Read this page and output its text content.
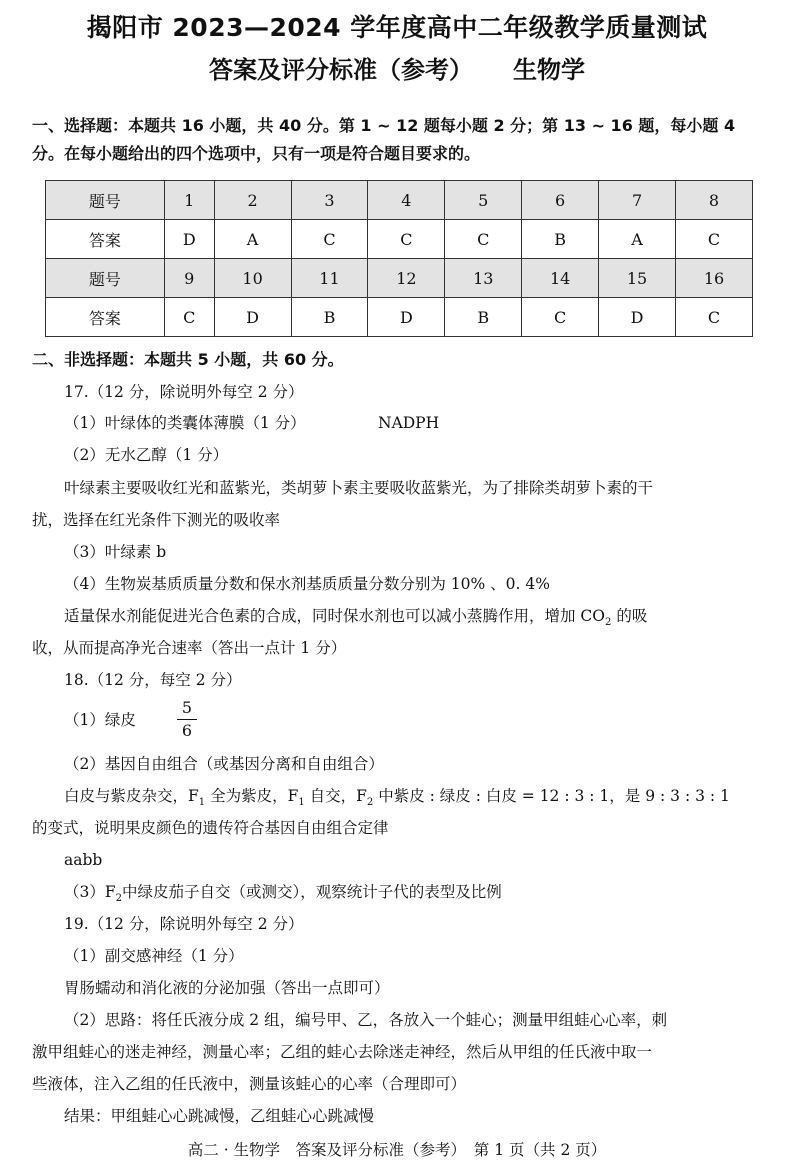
揭阳市 2023—2024 学年度高中二年级教学质量测试
答案及评分标准（参考） 生物学
一、选择题：本题共 16 小题，共 40 分。第 1 ~ 12 题每小题 2 分；第 13 ~ 16 题，每小题 4
分。在每小题给出的四个选项中，只有一项是符合题目要求的。
题号	1	2	3	4	5	6	7	8
答案	D	A	C	C	C	B	A	C
题号	9	10	11	12	13	14	15	16
答案	C	D	B	D	B	C	D	C
二、非选择题：本题共 5 小题，共 60 分。
17.（12 分，除说明外每空 2 分）
（1）叶绿体的类囊体薄膜（1 分）	NADPH
（2）无水乙醇（1 分）
叶绿素主要吸收红光和蓝紫光，类胡萝卜素主要吸收蓝紫光，为了排除类胡萝卜素的干
扰，选择在红光条件下测光的吸收率
（3）叶绿素 b
（4）生物炭基质质量分数和保水剂基质质量分数分别为 10% 、0. 4%
适量保水剂能促进光合色素的合成，同时保水剂也可以减小蒸腾作用，增加 $CO_2$ 的吸
收，从而提高净光合速率（答出一点计 1 分）
18.（12 分，每空 2 分）
（1）绿皮
5
6
（2）基因自由组合（或基因分离和自由组合）
白皮与紫皮杂交，$F_1$ 全为紫皮，$F_1$ 自交，$F_2$ 中紫皮 : 绿皮 : 白皮 = 12 : 3 : 1，是 9 : 3 : 3 : 1
的变式，说明果皮颜色的遗传符合基因自由组合定律
aabb
$(3)F_2$中绿皮茄子自交（或测交），观察统计子代的表型及比例
19.（12 分，除说明外每空 2 分）
（1）副交感神经（1 分）
胃肠蠕动和消化液的分泌加强（答出一点即可）
（2）思路：将任氏液分成 2 组，编号甲、乙，各放入一个蛙心；测量甲组蛙心心率，刺
激甲组蛙心的迷走神经，测量心率；乙组的蛙心去除迷走神经，然后从甲组的任氏液中取一
些液体，注入乙组的任氏液中，测量该蛙心的心率（合理即可）
结果：甲组蛙心心跳减慢，乙组蛙心心跳减慢
高二 · 生物学　答案及评分标准（参考）　第 1 页（共 2 页）
